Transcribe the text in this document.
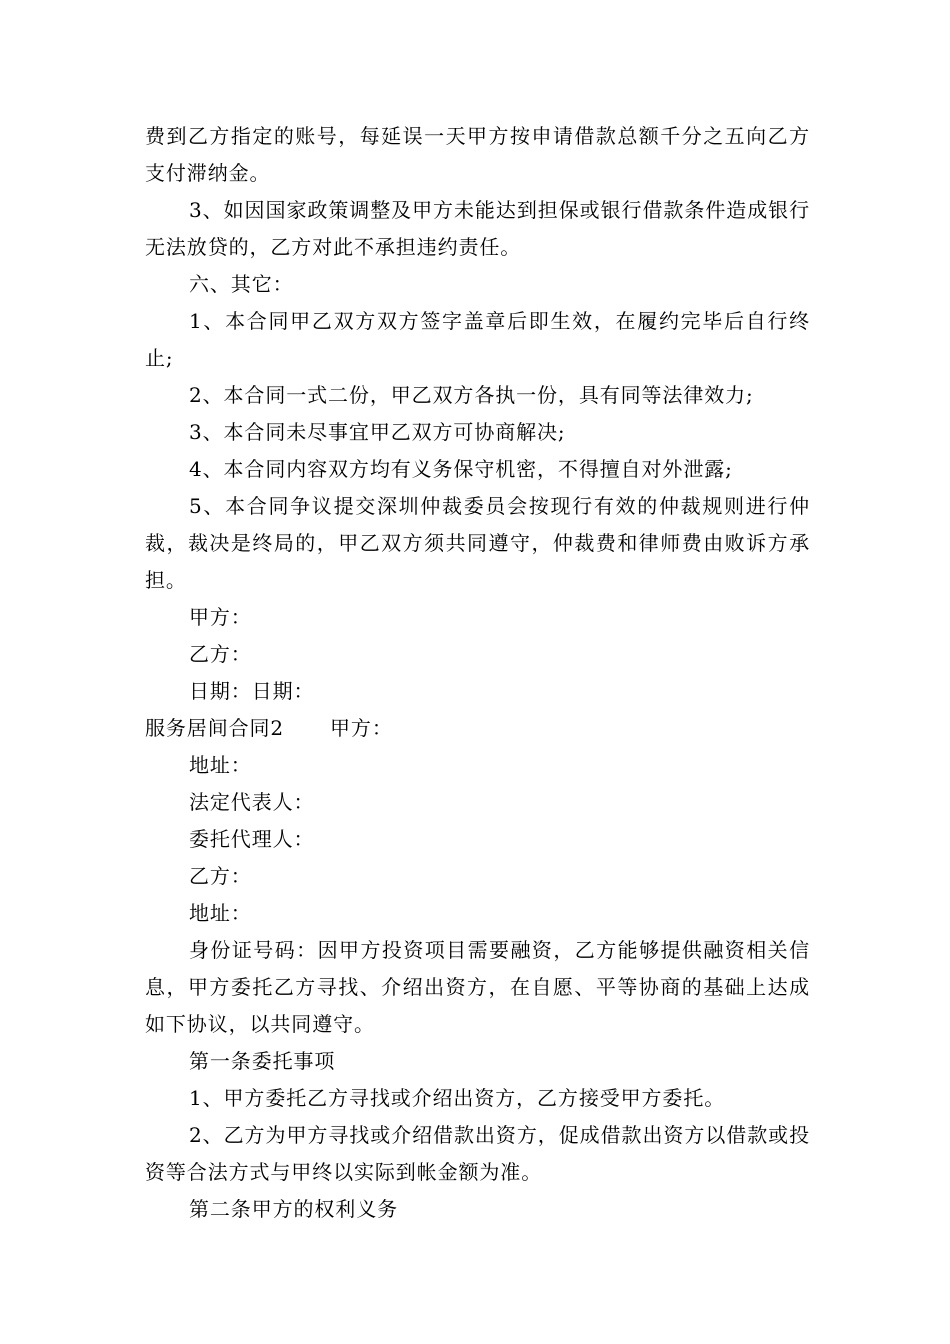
费到乙方指定的账号，每延误一天甲方按申请借款总额千分之五向乙方支付滞纳金。

3、如因国家政策调整及甲方未能达到担保或银行借款条件造成银行无法放贷的，乙方对此不承担违约责任。

六、其它：

1、本合同甲乙双方双方签字盖章后即生效，在履约完毕后自行终止;

2、本合同一式二份，甲乙双方各执一份，具有同等法律效力;

3、本合同未尽事宜甲乙双方可协商解决;

4、本合同内容双方均有义务保守机密，不得擅自对外泄露;

5、本合同争议提交深圳仲裁委员会按现行有效的仲裁规则进行仲裁，裁决是终局的，甲乙双方须共同遵守，仲裁费和律师费由败诉方承担。

甲方：

乙方：

日期：日期：

服务居间合同2 甲方：

地址：

法定代表人：

委托代理人：

乙方：

地址：

身份证号码：因甲方投资项目需要融资，乙方能够提供融资相关信息，甲方委托乙方寻找、介绍出资方，在自愿、平等协商的基础上达成如下协议，以共同遵守。

第一条委托事项

1、甲方委托乙方寻找或介绍出资方，乙方接受甲方委托。

2、乙方为甲方寻找或介绍借款出资方，促成借款出资方以借款或投资等合法方式与甲终以实际到帐金额为准。

第二条甲方的权利义务
